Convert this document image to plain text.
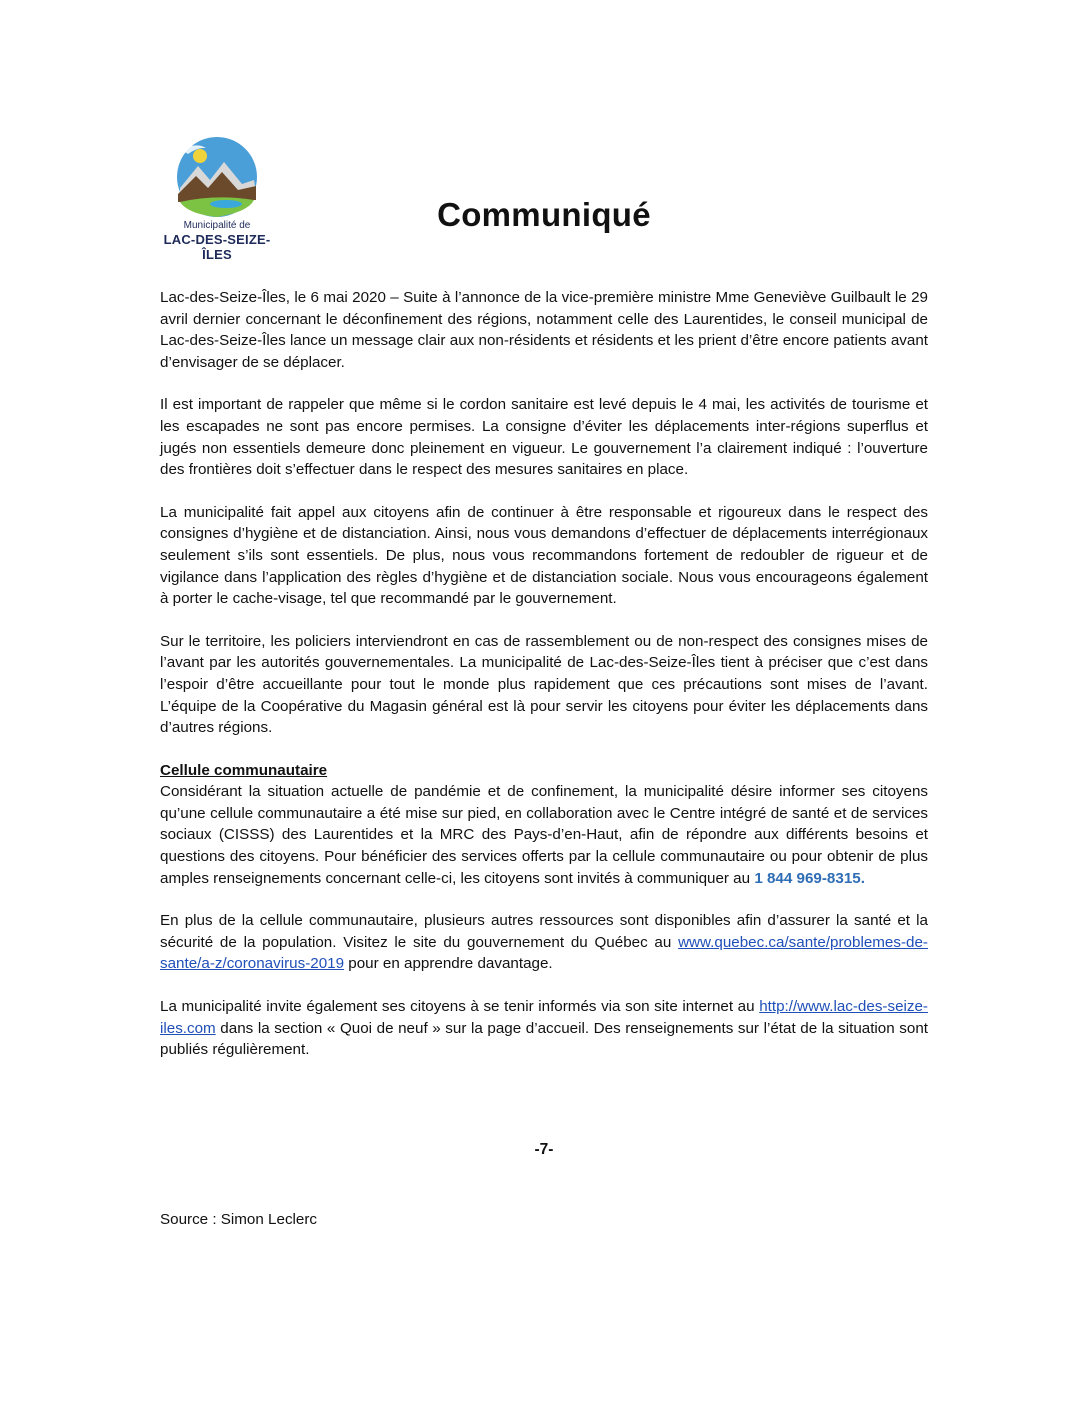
Municipalité de
LAC-DES-SEIZE-ÎLES
Communiqué

Lac-des-Seize-Îles, le 6 mai 2020 – Suite à l’annonce de la vice-première ministre Mme Geneviève Guilbault le 29 avril dernier concernant le déconfinement des régions, notamment celle des Laurentides, le conseil municipal de Lac-des-Seize-Îles lance un message clair aux non-résidents et résidents et les prient d’être encore patients avant d’envisager de se déplacer.

Il est important de rappeler que même si le cordon sanitaire est levé depuis le 4 mai, les activités de tourisme et les escapades ne sont pas encore permises. La consigne d’éviter les déplacements inter-régions superflus et jugés non essentiels demeure donc pleinement en vigueur. Le gouvernement l’a clairement indiqué : l’ouverture des frontières doit s’effectuer dans le respect des mesures sanitaires en place.

La municipalité fait appel aux citoyens afin de continuer à être responsable et rigoureux dans le respect des consignes d’hygiène et de distanciation. Ainsi, nous vous demandons d’effectuer de déplacements interrégionaux seulement s’ils sont essentiels. De plus, nous vous recommandons fortement de redoubler de rigueur et de vigilance dans l’application des règles d’hygiène et de distanciation sociale. Nous vous encourageons également à porter le cache-visage, tel que recommandé par le gouvernement.

Sur le territoire, les policiers interviendront en cas de rassemblement ou de non-respect des consignes mises de l’avant par les autorités gouvernementales. La municipalité de Lac-des-Seize-Îles tient à préciser que c’est dans l’espoir d’être accueillante pour tout le monde plus rapidement que ces précautions sont mises de l’avant. L’équipe de la Coopérative du Magasin général est là pour servir les citoyens pour éviter les déplacements dans d’autres régions.

Cellule communautaire

Considérant la situation actuelle de pandémie et de confinement, la municipalité désire informer ses citoyens qu’une cellule communautaire a été mise sur pied, en collaboration avec le Centre intégré de santé et de services sociaux (CISSS) des Laurentides et la MRC des Pays-d’en-Haut, afin de répondre aux différents besoins et questions des citoyens. Pour bénéficier des services offerts par la cellule communautaire ou pour obtenir de plus amples renseignements concernant celle-ci, les citoyens sont invités à communiquer au 1 844 969-8315.

En plus de la cellule communautaire, plusieurs autres ressources sont disponibles afin d’assurer la santé et la sécurité de la population. Visitez le site du gouvernement du Québec au www.quebec.ca/sante/problemes-de-sante/a-z/coronavirus-2019 pour en apprendre davantage.

La municipalité invite également ses citoyens à se tenir informés via son site internet au http://www.lac-des-seize-iles.com dans la section « Quoi de neuf » sur la page d’accueil. Des renseignements sur l’état de la situation sont publiés régulièrement.

-7-
Source : Simon Leclerc
